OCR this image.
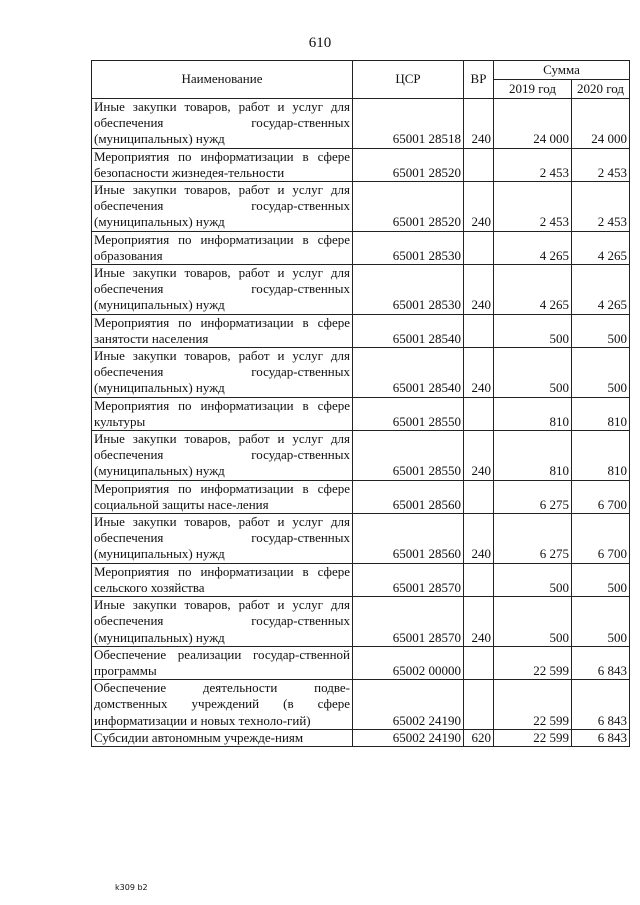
610
Наименование	ЦСР	ВР	Сумма	
			2019 год	2020 год
Иные закупки товаров, работ и услуг для обеспечения государ-ственных (муниципальных) нужд	65001 28518	240	24 000	24 000
Мероприятия по информатизации в сфере безопасности жизнедея-тельности	65001 28520		2 453	2 453
Иные закупки товаров, работ и услуг для обеспечения государ-ственных (муниципальных) нужд	65001 28520	240	2 453	2 453
Мероприятия по информатизации в сфере образования	65001 28530		4 265	4 265
Иные закупки товаров, работ и услуг для обеспечения государ-ственных (муниципальных) нужд	65001 28530	240	4 265	4 265
Мероприятия по информатизации в сфере занятости населения	65001 28540		500	500
Иные закупки товаров, работ и услуг для обеспечения государ-ственных (муниципальных) нужд	65001 28540	240	500	500
Мероприятия по информатизации в сфере культуры	65001 28550		810	810
Иные закупки товаров, работ и услуг для обеспечения государ-ственных (муниципальных) нужд	65001 28550	240	810	810
Мероприятия по информатизации в сфере социальной защиты насе-ления	65001 28560		6 275	6 700
Иные закупки товаров, работ и услуг для обеспечения государ-ственных (муниципальных) нужд	65001 28560	240	6 275	6 700
Мероприятия по информатизации в сфере сельского хозяйства	65001 28570		500	500
Иные закупки товаров, работ и услуг для обеспечения государ-ственных (муниципальных) нужд	65001 28570	240	500	500
Обеспечение реализации государ-ственной программы	65002 00000		22 599	6 843
Обеспечение деятельности подве-домственных учреждений (в сфере информатизации и новых техноло-гий)	65002 24190		22 599	6 843
Субсидии автономным учрежде-ниям	65002 24190	620	22 599	6 843
k309 b2
